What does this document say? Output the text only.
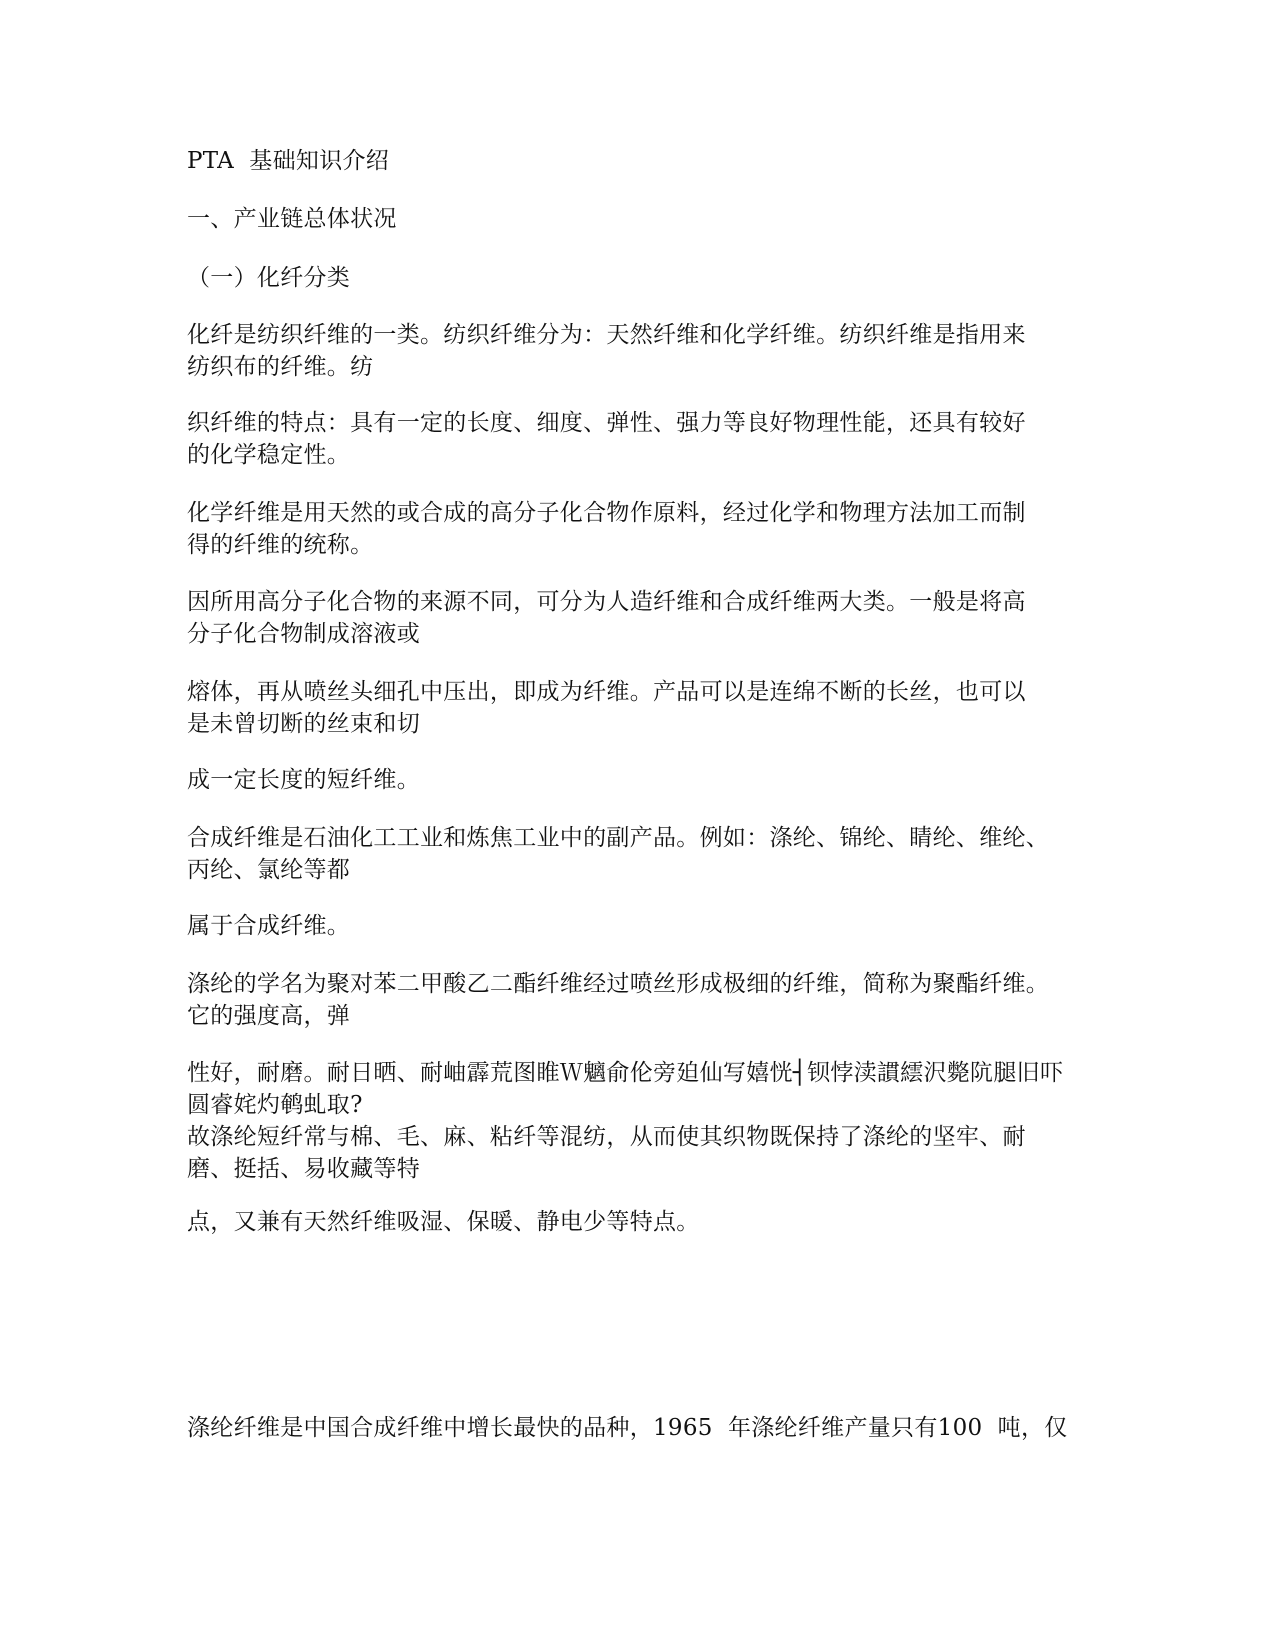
PTA  基础知识介绍

一、产业链总体状况

（一）化纤分类

化纤是纺织纤维的一类。纺织纤维分为：天然纤维和化学纤维。纺织纤维是指用来
纺织布的纤维。纺

织纤维的特点：具有一定的长度、细度、弹性、强力等良好物理性能，还具有较好
的化学稳定性。

化学纤维是用天然的或合成的高分子化合物作原料，经过化学和物理方法加工而制
得的纤维的统称。

因所用高分子化合物的来源不同，可分为人造纤维和合成纤维两大类。一般是将高
分子化合物制成溶液或

熔体，再从喷丝头细孔中压出，即成为纤维。产品可以是连绵不断的长丝，也可以
是未曾切断的丝束和切

成一定长度的短纤维。

合成纤维是石油化工工业和炼焦工业中的副产品。例如：涤纶、锦纶、睛纶、维纶、
丙纶、氯纶等都

属于合成纤维。

涤纶的学名为聚对苯二甲酸乙二酯纤维经过喷丝形成极细的纤维，简称为聚酯纤维。
它的强度高，弹

性好，耐磨。耐日晒、耐岫霹荒图睢Ｗ魑俞伦旁廹仙写嬉恍┤钡悖渎謴繧沢斃阬腿旧吓
圆睿姹灼鹌虬取?
故涤纶短纤常与棉、毛、麻、粘纤等混纺，从而使其织物既保持了涤纶的坚牢、耐
磨、挺括、易收藏等特

点，又兼有天然纤维吸湿、保暖、静电少等特点。

涤纶纤维是中国合成纤维中增长最快的品种，1965  年涤纶纤维产量只有100  吨，仅
